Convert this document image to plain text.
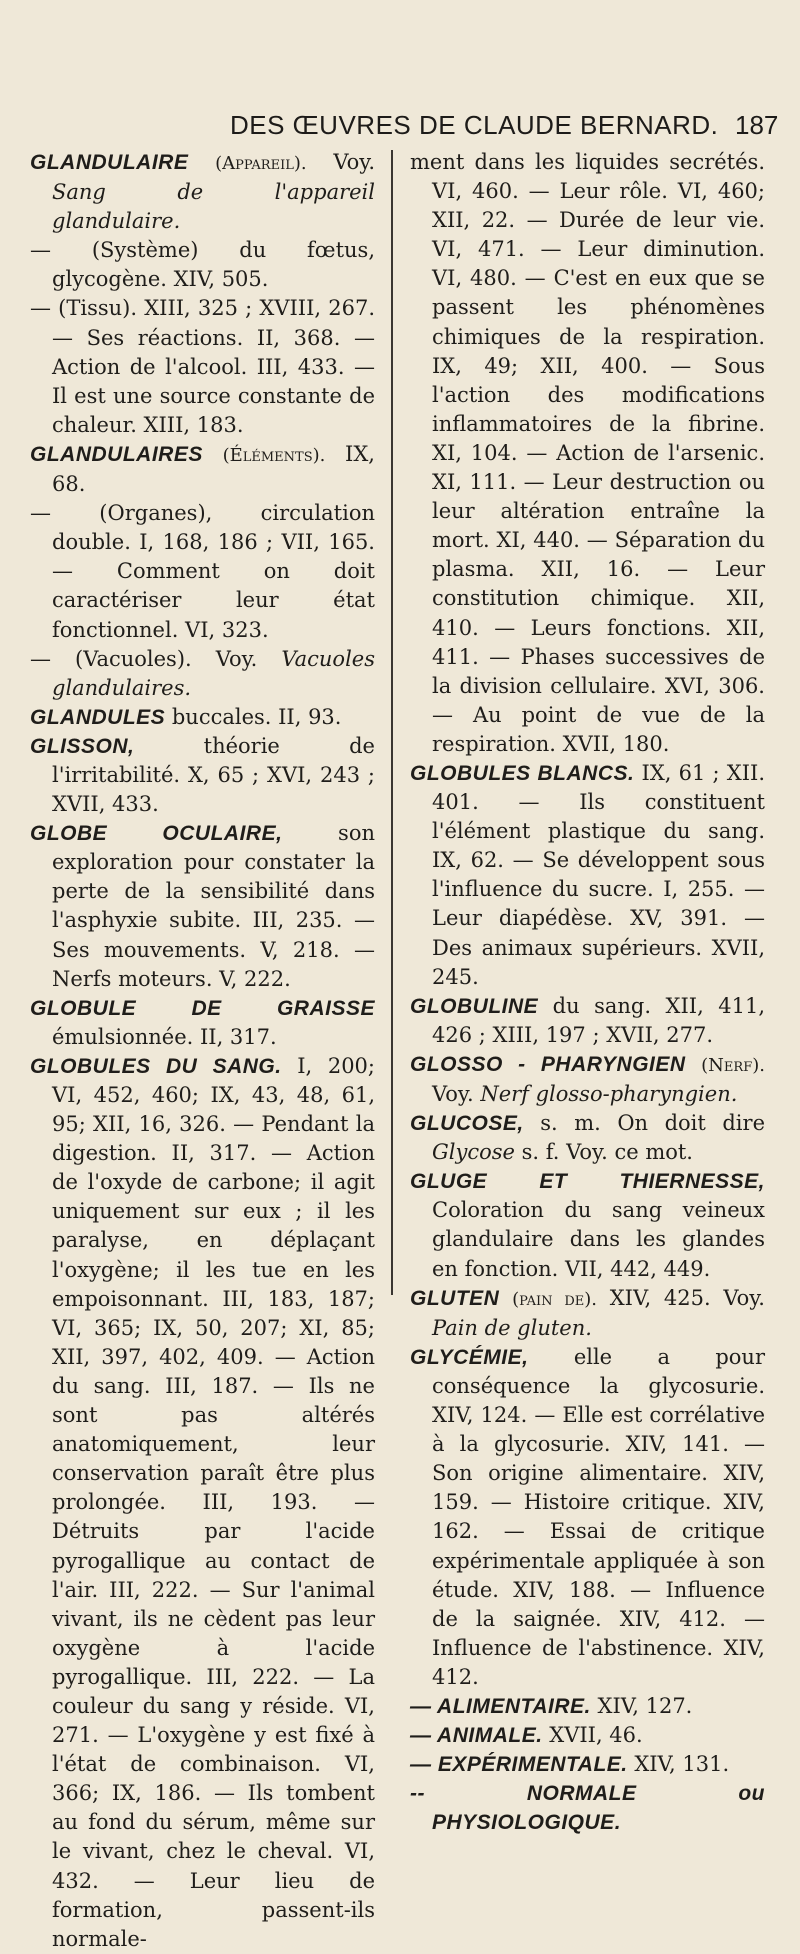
DES ŒUVRES DE CLAUDE BERNARD. 187

GLANDULAIRE (Appareil). Voy. Sang de l'appareil glandulaire.

— (Système) du fœtus, glycogène. XIV, 505.

— (Tissu). XIII, 325 ; XVIII, 267. — Ses réactions. II, 368. — Action de l'alcool. III, 433. — Il est une source constante de chaleur. XIII, 183.

GLANDULAIRES (Éléments). IX, 68.

— (Organes), circulation double. I, 168, 186 ; VII, 165. — Comment on doit caractériser leur état fonctionnel. VI, 323.

— (Vacuoles). Voy. Vacuoles glandulaires.

GLANDULES buccales. II, 93.

GLISSON, théorie de l'irritabilité. X, 65 ; XVI, 243 ; XVII, 433.

GLOBE OCULAIRE, son exploration pour constater la perte de la sensibilité dans l'asphyxie subite. III, 235. — Ses mouvements. V, 218. — Nerfs moteurs. V, 222.

GLOBULE DE GRAISSE émulsionnée. II, 317.

GLOBULES DU SANG. I, 200; VI, 452, 460; IX, 43, 48, 61, 95; XII, 16, 326. — Pendant la digestion. II, 317. — Action de l'oxyde de carbone; il agit uniquement sur eux ; il les paralyse, en déplaçant l'oxygène; il les tue en les empoisonnant. III, 183, 187; VI, 365; IX, 50, 207; XI, 85; XII, 397, 402, 409. — Action du sang. III, 187. — Ils ne sont pas altérés anatomiquement, leur conservation paraît être plus prolongée. III, 193. — Détruits par l'acide pyrogallique au contact de l'air. III, 222. — Sur l'animal vivant, ils ne cèdent pas leur oxygène à l'acide pyrogallique. III, 222. — La couleur du sang y réside. VI, 271. — L'oxygène y est fixé à l'état de combinaison. VI, 366; IX, 186. — Ils tombent au fond du sérum, même sur le vivant, chez le cheval. VI, 432. — Leur lieu de formation, passent-ils normale-

ment dans les liquides secrétés. VI, 460. — Leur rôle. VI, 460; XII, 22. — Durée de leur vie. VI, 471. — Leur diminution. VI, 480. — C'est en eux que se passent les phénomènes chimiques de la respiration. IX, 49; XII, 400. — Sous l'action des modifications inflammatoires de la fibrine. XI, 104. — Action de l'arsenic. XI, 111. — Leur destruction ou leur altération entraîne la mort. XI, 440. — Séparation du plasma. XII, 16. — Leur constitution chimique. XII, 410. — Leurs fonctions. XII, 411. — Phases successives de la division cellulaire. XVI, 306. — Au point de vue de la respiration. XVII, 180.

GLOBULES BLANCS. IX, 61 ; XII. 401. — Ils constituent l'élément plastique du sang. IX, 62. — Se développent sous l'influence du sucre. I, 255. — Leur diapédèse. XV, 391. — Des animaux supérieurs. XVII, 245.

GLOBULINE du sang. XII, 411, 426 ; XIII, 197 ; XVII, 277.

GLOSSO - PHARYNGIEN (Nerf). Voy. Nerf glosso-pharyngien.

GLUCOSE, s. m. On doit dire Glycose s. f. Voy. ce mot.

GLUGE ET THIERNESSE, Coloration du sang veineux glandulaire dans les glandes en fonction. VII, 442, 449.

GLUTEN (pain de). XIV, 425. Voy. Pain de gluten.

GLYCÉMIE, elle a pour conséquence la glycosurie. XIV, 124. — Elle est corrélative à la glycosurie. XIV, 141. — Son origine alimentaire. XIV, 159. — Histoire critique. XIV, 162. — Essai de critique expérimentale appliquée à son étude. XIV, 188. — Influence de la saignée. XIV, 412. — Influence de l'abstinence. XIV, 412.

— ALIMENTAIRE. XIV, 127.

— ANIMALE. XVII, 46.

— EXPÉRIMENTALE. XIV, 131.

-- NORMALE ou PHYSIOLOGIQUE.
